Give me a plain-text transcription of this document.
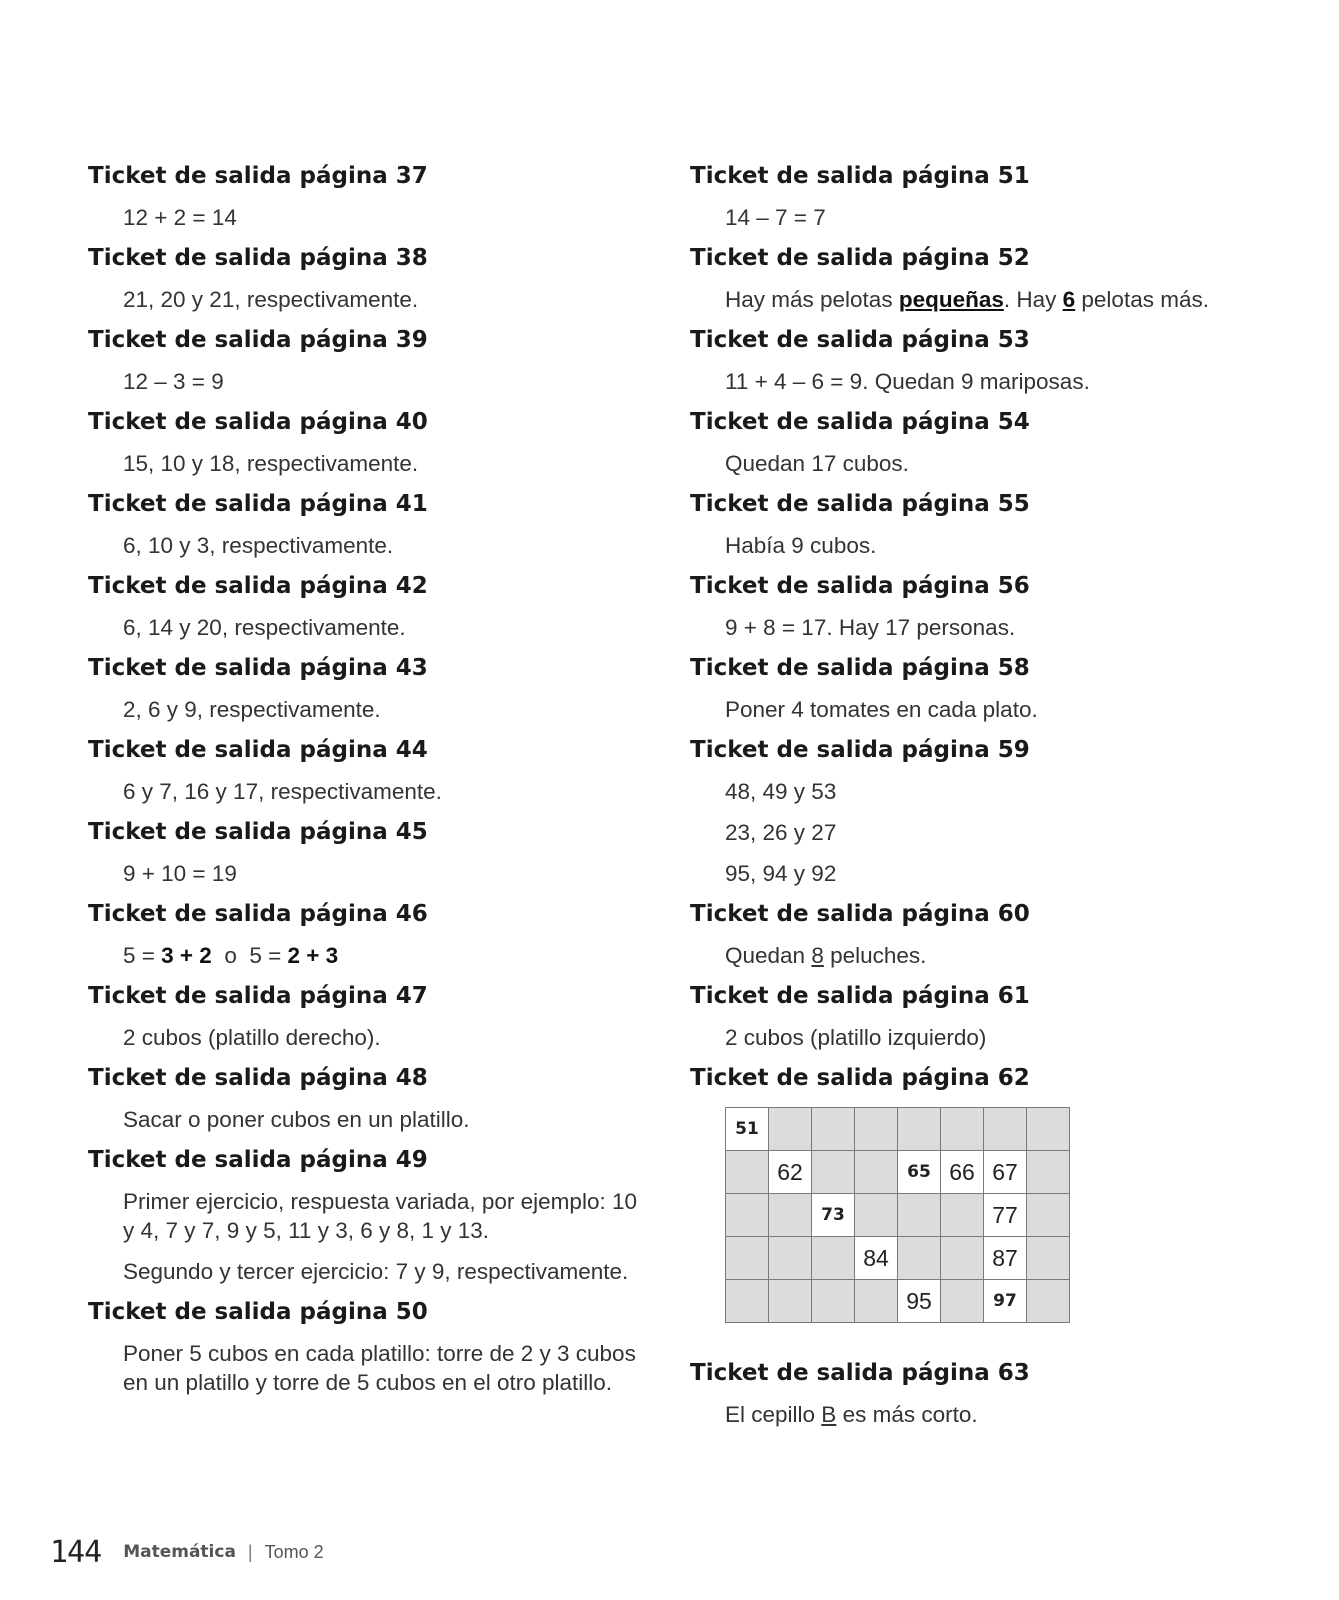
Ticket de salida página 37
12 + 2 = 14
Ticket de salida página 38
21, 20 y 21, respectivamente.
Ticket de salida página 39
12 – 3 = 9
Ticket de salida página 40
15, 10 y 18, respectivamente.
Ticket de salida página 41
6, 10 y 3, respectivamente.
Ticket de salida página 42
6, 14 y 20, respectivamente.
Ticket de salida página 43
2, 6 y 9, respectivamente.
Ticket de salida página 44
6 y 7, 16 y 17, respectivamente.
Ticket de salida página 45
9 + 10 = 19
Ticket de salida página 46
5 = 3 + 2  o  5 = 2 + 3
Ticket de salida página 47
2 cubos (platillo derecho).
Ticket de salida página 48
Sacar o poner cubos en un platillo.
Ticket de salida página 49
Primer ejercicio, respuesta variada, por ejemplo: 10 y 4, 7 y 7, 9 y 5, 11 y 3, 6 y 8, 1 y 13.
Segundo y tercer ejercicio: 7 y 9, respectivamente.
Ticket de salida página 50
Poner 5 cubos en cada platillo: torre de 2 y 3 cubos en un platillo y torre de 5 cubos en el otro platillo.
Ticket de salida página 51
14 – 7 = 7
Ticket de salida página 52
Hay más pelotas pequeñas. Hay 6 pelotas más.
Ticket de salida página 53
11 + 4 – 6 = 9. Quedan 9 mariposas.
Ticket de salida página 54
Quedan 17 cubos.
Ticket de salida página 55
Había 9 cubos.
Ticket de salida página 56
9 + 8 = 17. Hay 17 personas.
Ticket de salida página 58
Poner 4 tomates en cada plato.
Ticket de salida página 59
48, 49 y 53
23, 26 y 27
95, 94 y 92
Ticket de salida página 60
Quedan 8 peluches.
Ticket de salida página 61
2 cubos (platillo izquierdo)
Ticket de salida página 62
51							
	62			65	66	67	
		73				77	
			84			87	
				95		97	
Ticket de salida página 63
El cepillo B es más corto.
144 Matemática | Tomo 2
